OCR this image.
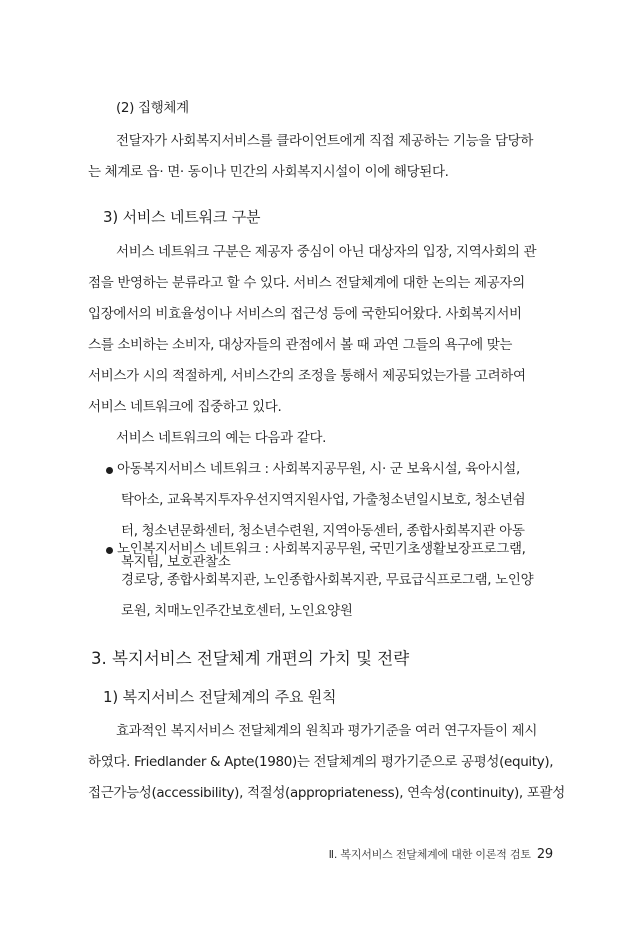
(2) 집행체계

전달자가 사회복지서비스를 클라이언트에게 직접 제공하는 기능을 담당하

는 체계로 읍· 면· 동이나 민간의 사회복지시설이 이에 해당된다.

3) 서비스 네트워크 구분

서비스 네트워크 구분은 제공자 중심이 아닌 대상자의 입장, 지역사회의 관

점을 반영하는 분류라고 할 수 있다. 서비스 전달체계에 대한 논의는 제공자의

입장에서의 비효율성이나 서비스의 접근성 등에 국한되어왔다. 사회복지서비

스를 소비하는 소비자, 대상자들의 관점에서 볼 때 과연 그들의 욕구에 맞는

서비스가 시의 적절하게, 서비스간의 조정을 통해서 제공되었는가를 고려하여

서비스 네트워크에 집중하고 있다.

서비스 네트워크의 예는 다음과 같다.

아동복지서비스 네트워크 : 사회복지공무원, 시· 군 보육시설, 육아시설,

탁아소, 교육복지투자우선지역지원사업, 가출청소년일시보호, 청소년쉼

터, 청소년문화센터, 청소년수련원, 지역아동센터, 종합사회복지관 아동

복지팀, 보호관찰소

노인복지서비스 네트워크 : 사회복지공무원, 국민기초생활보장프로그램,

경로당, 종합사회복지관, 노인종합사회복지관, 무료급식프로그램, 노인양

로원, 치매노인주간보호센터, 노인요양원

3. 복지서비스 전달체계 개편의 가치 및 전략

1) 복지서비스 전달체계의 주요 원칙

효과적인 복지서비스 전달체계의 원칙과 평가기준을 여러 연구자들이 제시

하였다. Friedlander & Apte(1980)는 전달체계의 평가기준으로 공평성(equity),

접근가능성(accessibility), 적절성(appropriateness), 연속성(continuity), 포괄성

Ⅱ. 복지서비스 전달체계에 대한 이론적 검토 29
